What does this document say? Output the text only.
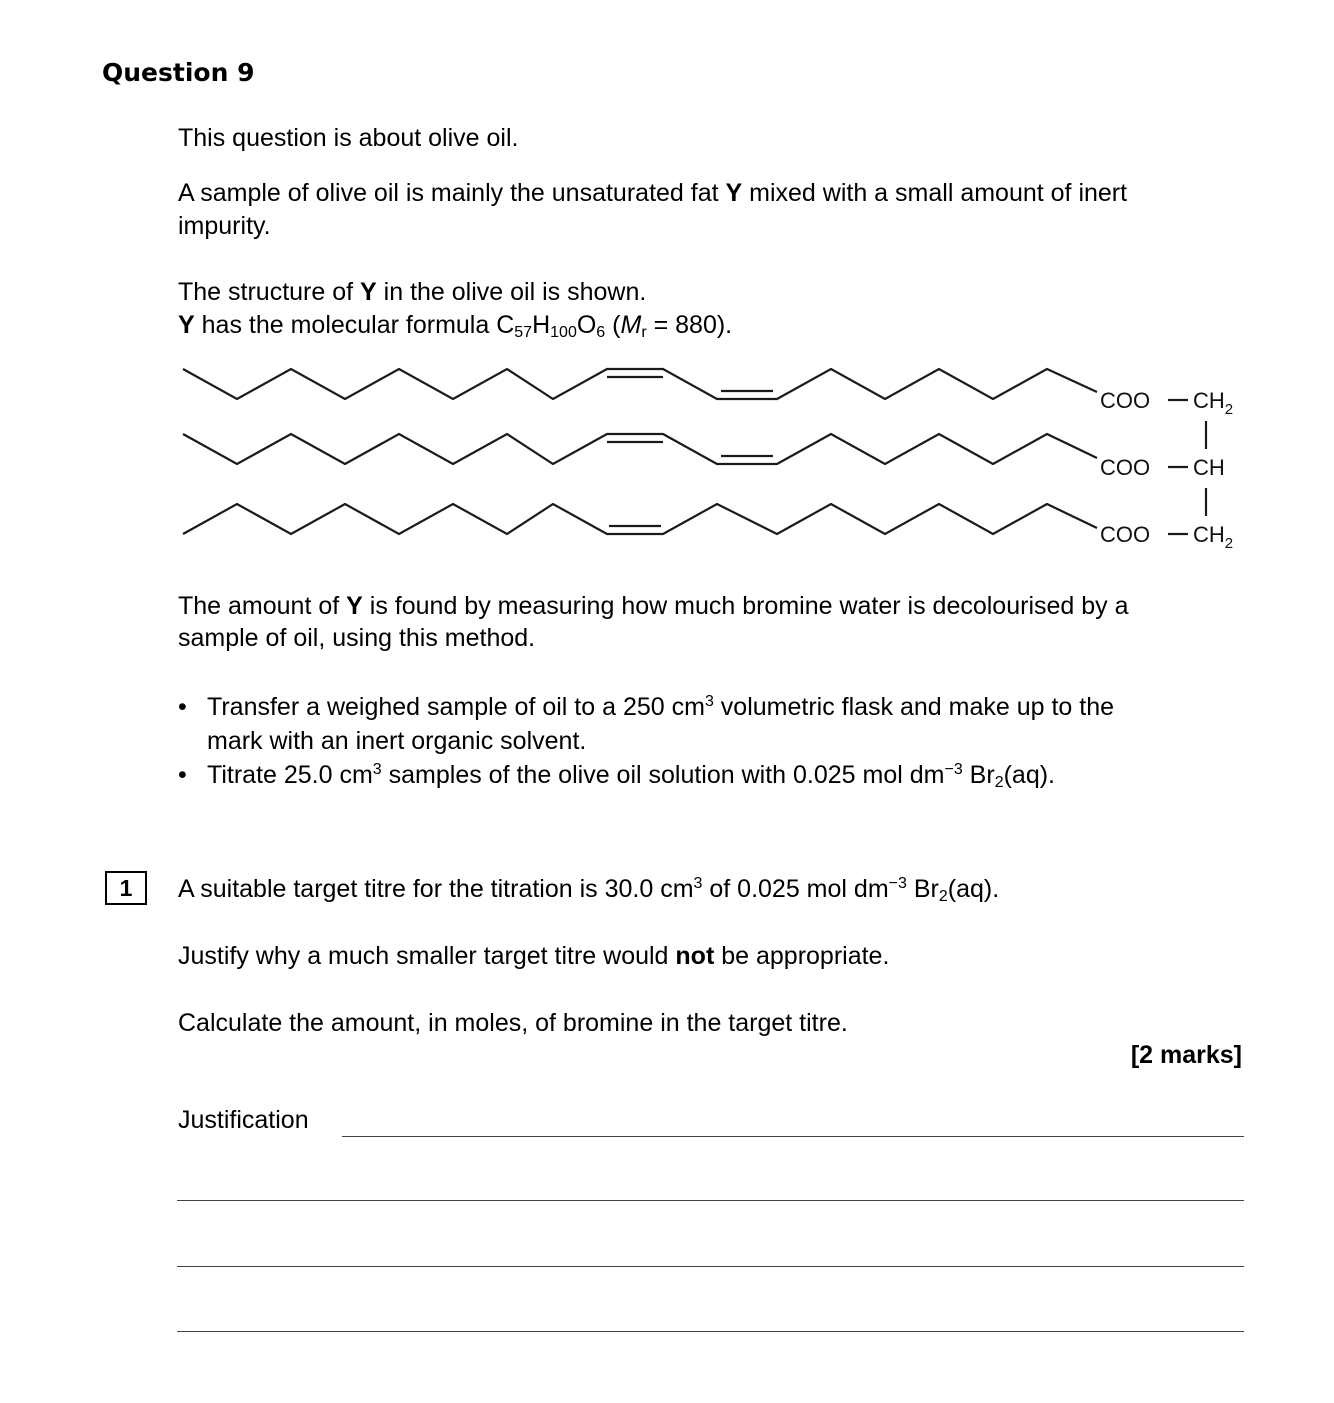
Question 9
This question is about olive oil.
A sample of olive oil is mainly the unsaturated fat Y mixed with a small amount of inert
impurity.
The structure of Y in the olive oil is shown.
Y has the molecular formula $C_{57}H_{100}O_6$ $(M_r = 880)$.
COO $CH_2$
COO CH
COO $CH_2$
The amount of Y is found by measuring how much bromine water is decolourised by a
sample of oil, using this method.
• Transfer a weighed sample of oil to a 250 $cm^3$ volumetric flask and make up to the
mark with an inert organic solvent.
• Titrate 25.0 $cm^3$ samples of the olive oil solution with 0.025 mol $dm^{-3}$ $Br_2(aq)$.
1	A suitable target titre for the titration is 30.0 $cm^3$ of 0.025 mol $dm^{-3}$ $Br_2(aq)$.
Justify why a much smaller target titre would not be appropriate.
Calculate the amount, in moles, of bromine in the target titre.
[2 marks]
Justification
